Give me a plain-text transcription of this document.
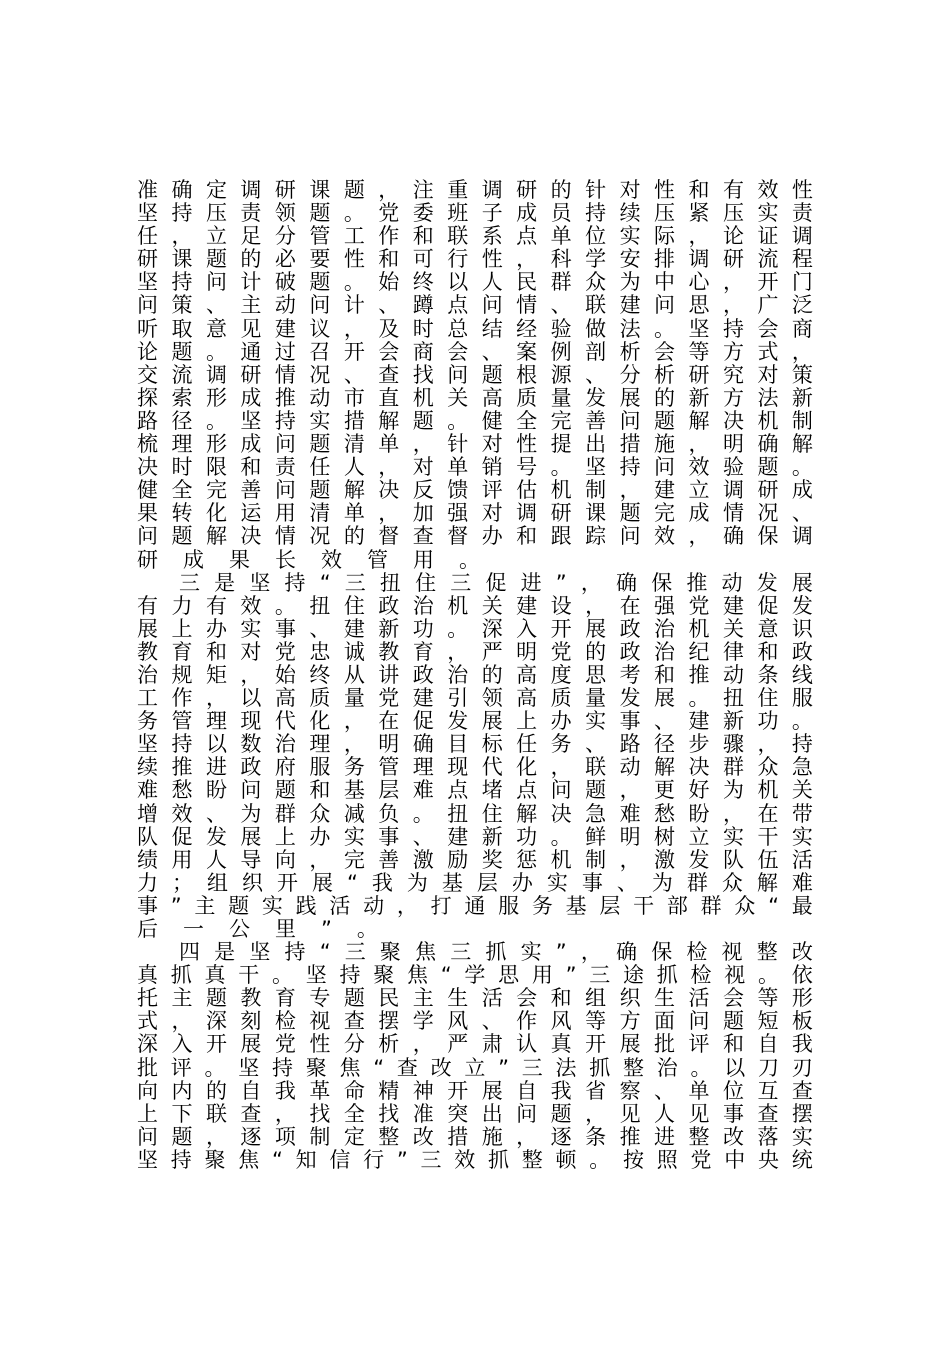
准 确 定 调 研 课 题 ， 注 重 调 研 的 针 对 性 和 有 效 性
坚 持 压 责 领 题 。 党 委 班 子 成 员 持 续 压 紧 压 实 责
任 ， 立 足 分 管 工 作 和 联 系 点 单 位 实 际 ， 论 证 调
研 课 题 的 必 要 性 和 可 行 性 ， 科 学 安 排 调 研 流 程
坚 持 问 计 破 题 。 始 终 以 人 民 群 众 为 中 心 ， 开 门
问 策 、 主 动 问 计 、 蹲 点 问 情 、 联 建 问 思 ， 广 泛
听 取 意 见 建 议 ， 及 时 总 结 经 验 做 法 。 坚 持 会 商
论 题 。 通 过 召 开 会 商 会 、 案 例 剖 析 会 等 方 式 ，
交 流 调 研 情 况 、 查 找 问 题 根 源 、 分 析 研 究 对 策
探 索 形 成 推 动 市 直 机 关 高 质 量 发 展 的 新 方 法 新
路 径 。 坚 持 实 措 解 题 。 健 全 完 善 问 题 解 决 机 制
梳 理 形 成 问 题 清 单 ， 针 对 性 提 出 措 施 ， 明 确 解
决 时 限 和 责 任 人 ， 对 单 销 号 。 坚 持 问 效 验 题 。
健 全 完 善 问 题 解 决 反 馈 评 估 机 制 ， 建 立 调 研 成
果 转 化 运 用 清 单 ， 加 强 对 调 研 课 题 完 成 情 况 、
问 题 解 决 情 况 的 督 查 督 办 和 跟 踪 问 效 ， 确 保 调
研 成 果 长 效 管 用 。
三 是 坚 持 “ 三 扭 住 三 促 进 ” ， 确 保 推 动 发 展
有 力 有 效 。 扭 住 政 治 机 关 建 设 ， 在 强 党 建 促 发
展 上 办 实 事 、 建 新 功 。 深 入 开 展 政 治 机 关 意 识
教 育 和 对 党 忠 诚 教 育 ， 严 明 党 的 政 治 纪 律 和 政
治 规 矩 ， 始 终 从 讲 政 治 的 高 度 思 考 和 推 动 条 线
工 作 ， 以 高 质 量 党 建 引 领 高 质 量 发 展 。 扭 住 服
务 管 理 现 代 化 ， 在 促 发 展 上 办 实 事 、 建 新 功 。
坚 持 以 数 治 理 ， 明 确 目 标 任 务 、 路 径 步 骤 ， 持
续 推 进 政 府 服 务 管 理 现 代 化 ， 联 动 解 决 群 众 急
难 愁 盼 问 题 和 基 层 难 点 堵 点 问 题 ， 更 好 为 机 关
增 效 、 为 群 众 减 负 。 扭 住 解 决 急 难 愁 盼 ， 在 带
队 促 发 展 上 办 实 事 、 建 新 功 。 鲜 明 树 立 实 干 实
绩 用 人 导 向 ， 完 善 激 励 奖 惩 机 制 ， 激 发 队 伍 活
力 ； 组 织 开 展 “ 我 为 基 层 办 实 事 、 为 群 众 解 难
事 ” 主 题 实 践 活 动 ， 打 通 服 务 基 层 干 部 群 众 “ 最
后 一 公 里 ” 。
四 是 坚 持 “ 三 聚 焦 三 抓 实 ” ， 确 保 检 视 整 改
真 抓 真 干 。 坚 持 聚 焦 “ 学 思 用 ” 三 途 抓 检 视 。 依
托 主 题 教 育 专 题 民 主 生 活 会 和 组 织 生 活 会 等 形
式 ， 深 刻 检 视 查 摆 学 风 、 作 风 等 方 面 问 题 短 板
深 入 开 展 党 性 分 析 ， 严 肃 认 真 开 展 批 评 和 自 我
批 评 。 坚 持 聚 焦 “ 查 改 立 ” 三 法 抓 整 治 。 以 刀 刃
向 内 的 自 我 革 命 精 神 开 展 自 我 省 察 、 单 位 互 查
上 下 联 查 ， 找 全 找 准 突 出 问 题 ， 见 人 见 事 查 摆
问 题 ， 逐 项 制 定 整 改 措 施 ， 逐 条 推 进 整 改 落 实
坚 持 聚 焦 “ 知 信 行 ” 三 效 抓 整 顿 。 按 照 党 中 央 统
